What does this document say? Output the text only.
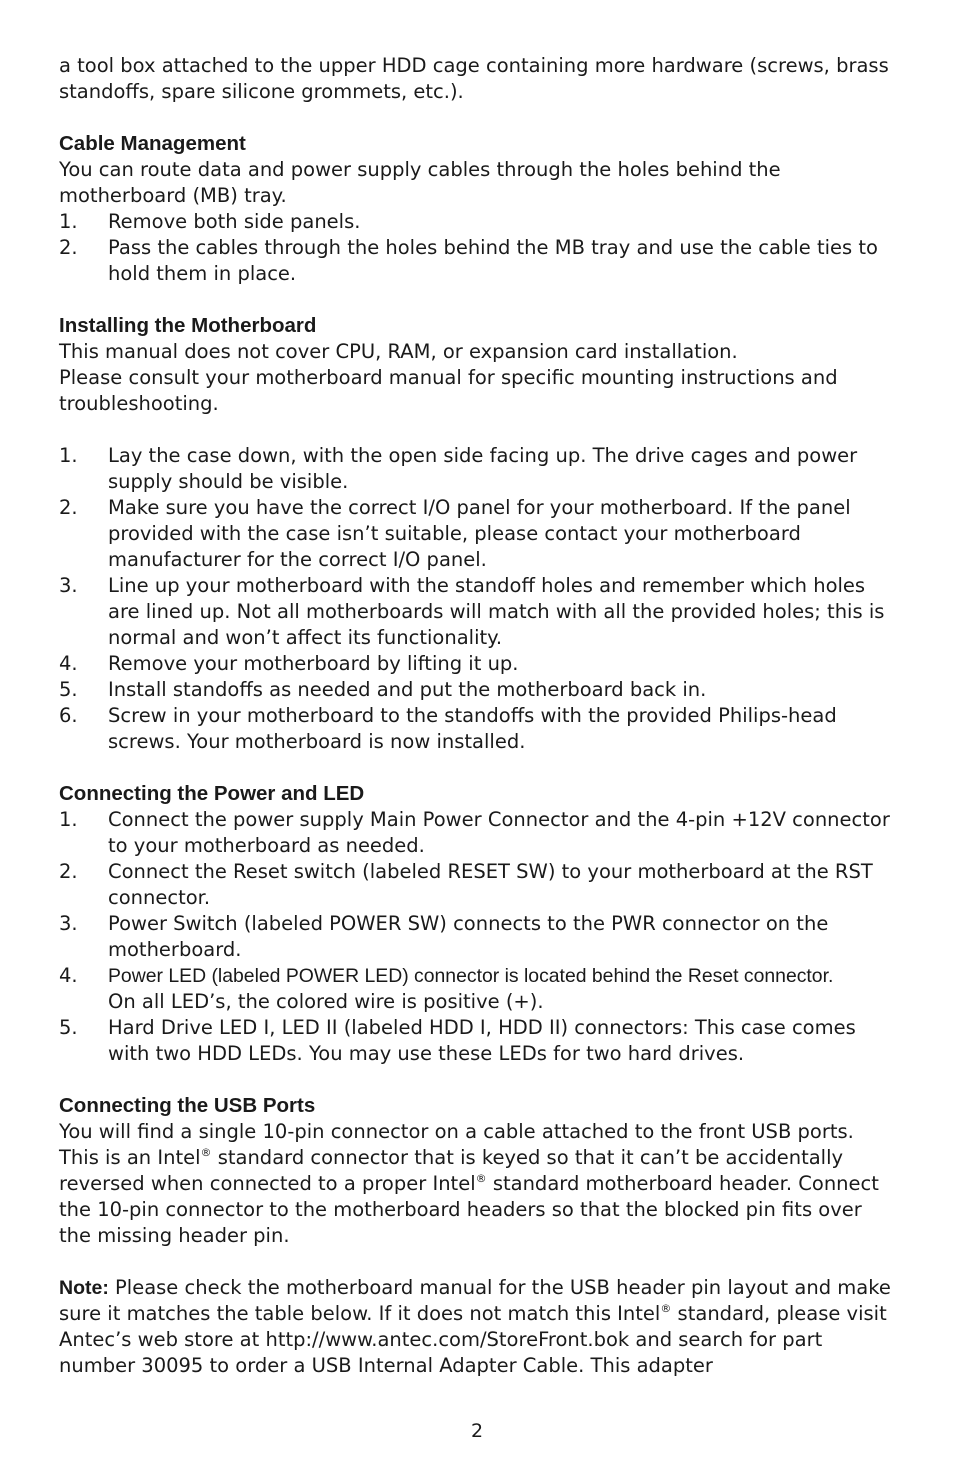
a tool box attached to the upper HDD cage containing more hardware (screws, brass standoffs, spare silicone grommets, etc.).

Cable Management

You can route data and power supply cables through the holes behind the motherboard (MB) tray.

1. Remove both side panels.
2. Pass the cables through the holes behind the MB tray and use the cable ties to hold them in place.
Installing the Motherboard

This manual does not cover CPU, RAM, or expansion card installation.

Please consult your motherboard manual for specific mounting instructions and troubleshooting.

1. Lay the case down, with the open side facing up. The drive cages and power supply should be visible.
2. Make sure you have the correct I/O panel for your motherboard. If the panel provided with the case isn’t suitable, please contact your motherboard manufacturer for the correct I/O panel.
3. Line up your motherboard with the standoff holes and remember which holes are lined up. Not all motherboards will match with all the provided holes; this is normal and won’t affect its functionality.
4. Remove your motherboard by lifting it up.
5. Install standoffs as needed and put the motherboard back in.
6. Screw in your motherboard to the standoffs with the provided Philips-head screws. Your motherboard is now installed.
Connecting the Power and LED
1. Connect the power supply Main Power Connector and the 4-pin +12V connector to your motherboard as needed.
2. Connect the Reset switch (labeled RESET SW) to your motherboard at the RST connector.
3. Power Switch (labeled POWER SW) connects to the PWR connector on the motherboard.
4. Power LED (labeled POWER LED) connector is located behind the Reset connector.
On all LED’s, the colored wire is positive (+).
5. Hard Drive LED I, LED II (labeled HDD I, HDD II) connectors: This case comes with two HDD LEDs. You may use these LEDs for two hard drives.
Connecting the USB Ports

You will find a single 10-pin connector on a cable attached to the front USB ports. This is an Intel® standard connector that is keyed so that it can’t be accidentally reversed when connected to a proper Intel® standard motherboard header. Connect the 10-pin connector to the motherboard headers so that the blocked pin fits over the missing header pin.

Note: Please check the motherboard manual for the USB header pin layout and make sure it matches the table below. If it does not match this Intel® standard, please visit Antec’s web store at http://www.antec.com/StoreFront.bok and search for part number 30095 to order a USB Internal Adapter Cable. This adapter

2
